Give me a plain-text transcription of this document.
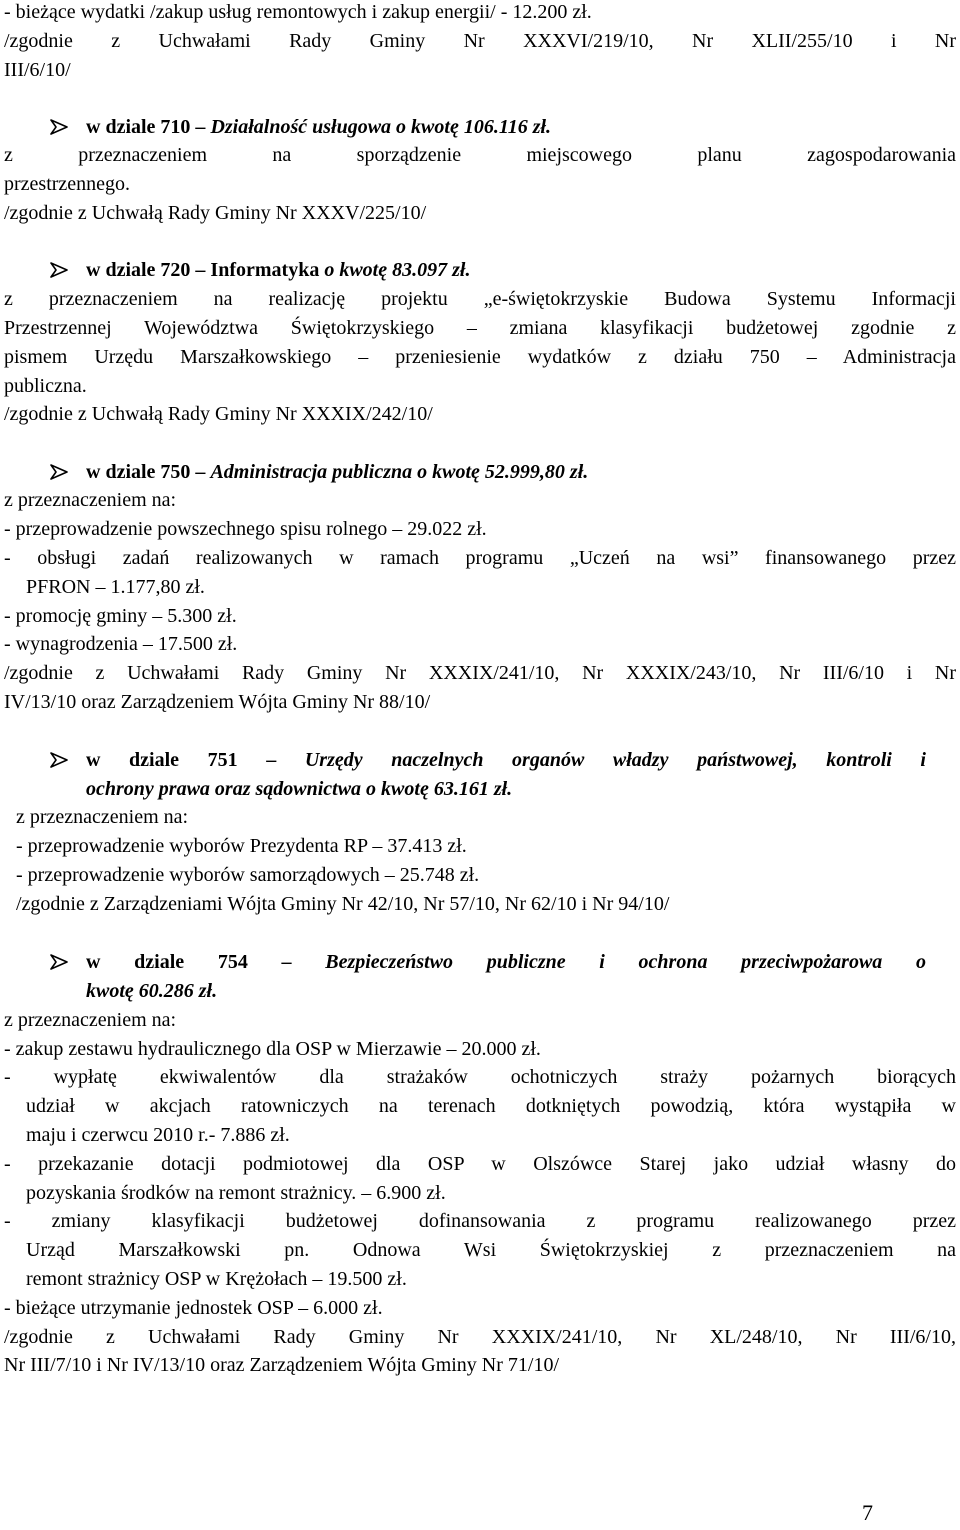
- bieżące wydatki /zakup usług remontowych i zakup energii/ - 12.200 zł.
/zgodnie z Uchwałami Rady Gminy Nr XXXVI/219/10, Nr XLII/255/10 i Nr
III/6/10/
w dziale 710 – Działalność usługowa o kwotę 106.116 zł.
z przeznaczeniem na sporządzenie miejscowego planu zagospodarowania
przestrzennego.
/zgodnie z Uchwałą Rady Gminy Nr XXXV/225/10/
w dziale 720 – Informatyka o kwotę 83.097 zł.
z przeznaczeniem na realizację projektu „e-świętokrzyskie Budowa Systemu Informacji
Przestrzennej Województwa Świętokrzyskiego – zmiana klasyfikacji budżetowej zgodnie z
pismem Urzędu Marszałkowskiego – przeniesienie wydatków z działu 750 – Administracja
publiczna.
/zgodnie z Uchwałą Rady Gminy Nr XXXIX/242/10/
w dziale 750 – Administracja publiczna o kwotę 52.999,80 zł.
z przeznaczeniem na:
- przeprowadzenie powszechnego spisu rolnego – 29.022 zł.
- obsługi zadań realizowanych w ramach programu „Uczeń na wsi” finansowanego przez
PFRON – 1.177,80 zł.
- promocję gminy – 5.300 zł.
- wynagrodzenia – 17.500 zł.
/zgodnie z Uchwałami Rady Gminy Nr XXXIX/241/10, Nr XXXIX/243/10, Nr III/6/10 i Nr
IV/13/10 oraz Zarządzeniem Wójta Gminy Nr 88/10/
w dziale 751 – Urzędy naczelnych organów władzy państwowej, kontroli i
ochrony prawa oraz sądownictwa o kwotę 63.161 zł.
z przeznaczeniem na:
- przeprowadzenie wyborów Prezydenta RP – 37.413 zł.
- przeprowadzenie wyborów samorządowych – 25.748 zł.
/zgodnie z Zarządzeniami Wójta Gminy Nr 42/10, Nr 57/10, Nr 62/10 i Nr 94/10/
w dziale 754 – Bezpieczeństwo publiczne i ochrona przeciwpożarowa o
kwotę 60.286 zł.
z przeznaczeniem na:
- zakup zestawu hydraulicznego dla OSP w Mierzawie – 20.000 zł.
- wypłatę ekwiwalentów dla strażaków ochotniczych straży pożarnych biorących
udział w akcjach ratowniczych na terenach dotkniętych powodzią, która wystąpiła w
maju i czerwcu 2010 r.- 7.886 zł.
- przekazanie dotacji podmiotowej dla OSP w Olszówce Starej jako udział własny do
pozyskania środków na remont strażnicy. – 6.900 zł.
- zmiany klasyfikacji budżetowej dofinansowania z programu realizowanego przez
Urząd Marszałkowski pn. Odnowa Wsi Świętokrzyskiej z przeznaczeniem na
remont strażnicy OSP w Krężołach – 19.500 zł.
- bieżące utrzymanie jednostek OSP – 6.000 zł.
/zgodnie z Uchwałami Rady Gminy Nr XXXIX/241/10, Nr XL/248/10, Nr III/6/10,
Nr III/7/10 i Nr IV/13/10 oraz Zarządzeniem Wójta Gminy Nr 71/10/
7
